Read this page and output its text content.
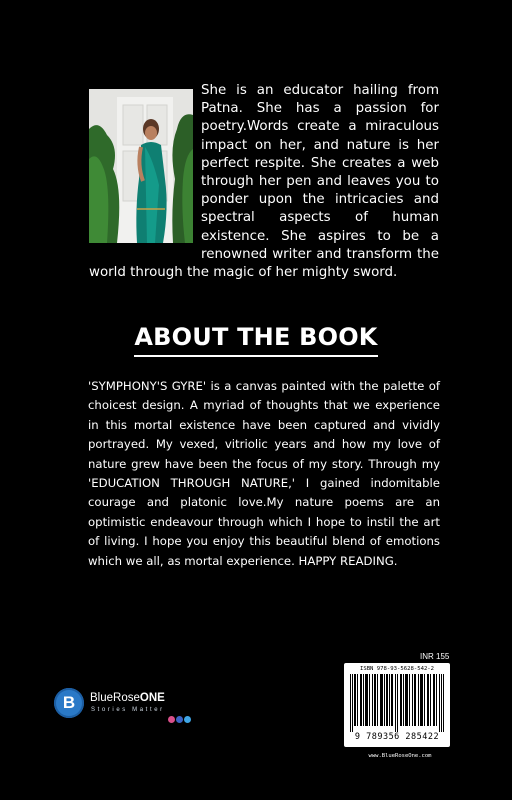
She is an educator hailing from Patna. She has a passion for poetry.Words create a miraculous impact on her, and nature is her perfect respite. She creates a web through her pen and leaves you to ponder upon the intricacies and spectral aspects of human existence. She aspires to be a renowned writer and transform the world through the magic of her mighty sword.

ABOUT THE BOOK

'SYMPHONY'S GYRE' is a canvas painted with the palette of choicest design. A myriad of thoughts that we experience in this mortal existence have been captured and vividly portrayed. My vexed, vitriolic years and how my love of nature grew have been the focus of my story. Through my 'EDUCATION THROUGH NATURE,' I gained indomitable courage and platonic love.My nature poems are an optimistic endeavour through which I hope to instil the art of living. I hope you enjoy this beautiful blend of emotions which we all, as mortal experience. HAPPY READING.

B BlueRoseONE
Stories Matter
INR 155
ISBN 978-93-5628-542-2
9 789356 285422
www.BlueRoseOne.com
